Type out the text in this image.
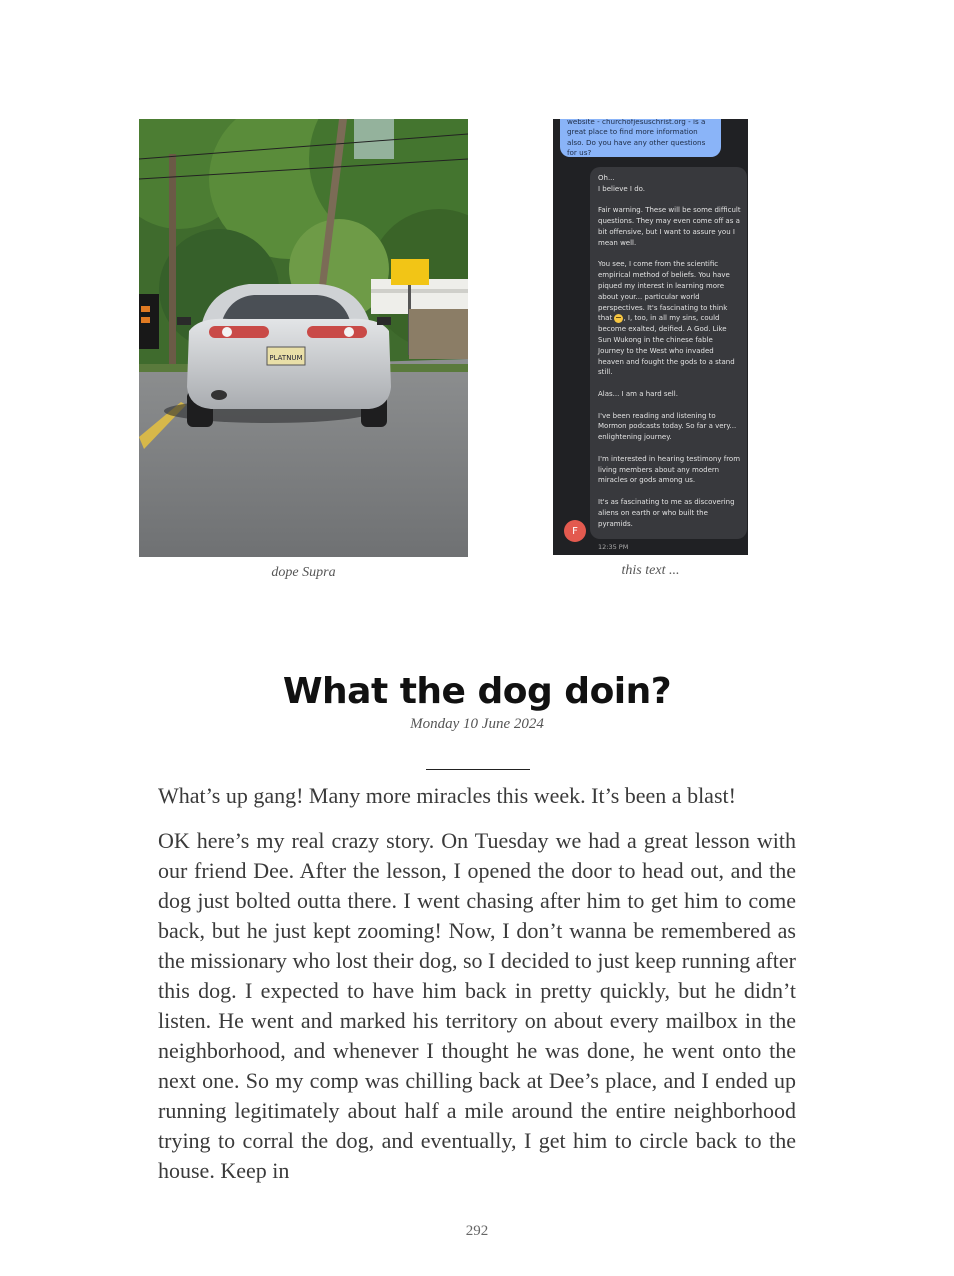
PLATNUM
dope Supra
website - churchofjesuschrist.org - is a great place to find more information also. Do you have any other questions for us?

Oh...
I believe I do.

Fair warning. These will be some difficult questions. They may even come off as a bit offensive, but I want to assure you I mean well.

You see, I come from the scientific empirical method of beliefs. You have piqued my interest in learning more about your... particular world perspectives. It's fascinating to think that , I, too, in all my sins, could become exalted, deified. A God. Like Sun Wukong in the chinese fable Journey to the West who invaded heaven and fought the gods to a stand still.

Alas... I am a hard sell.

I've been reading and listening to Mormon podcasts today. So far a very... enlightening journey.

I'm interested in hearing testimony from living members about any modern miracles or gods among us.

It's as fascinating to me as discovering aliens on earth or who built the pyramids.

F
12:35 PM
this text ...
What the dog doin?
Monday 10 June 2024

What’s up gang! Many more miracles this week. It’s been a blast!

OK here’s my real crazy story. On Tuesday we had a great lesson with our friend Dee. After the lesson, I opened the door to head out, and the dog just bolted outta there. I went chasing after him to get him to come back, but he just kept zooming! Now, I don’t wanna be remembered as the missionary who lost their dog, so I decided to just keep running after this dog. I expected to have him back in pretty quickly, but he didn’t listen. He went and marked his territory on about every mailbox in the neighborhood, and whenever I thought he was done, he went onto the next one. So my comp was chilling back at Dee’s place, and I ended up running legitimately about half a mile around the entire neighborhood trying to corral the dog, and eventually, I get him to circle back to the house. Keep in

292
